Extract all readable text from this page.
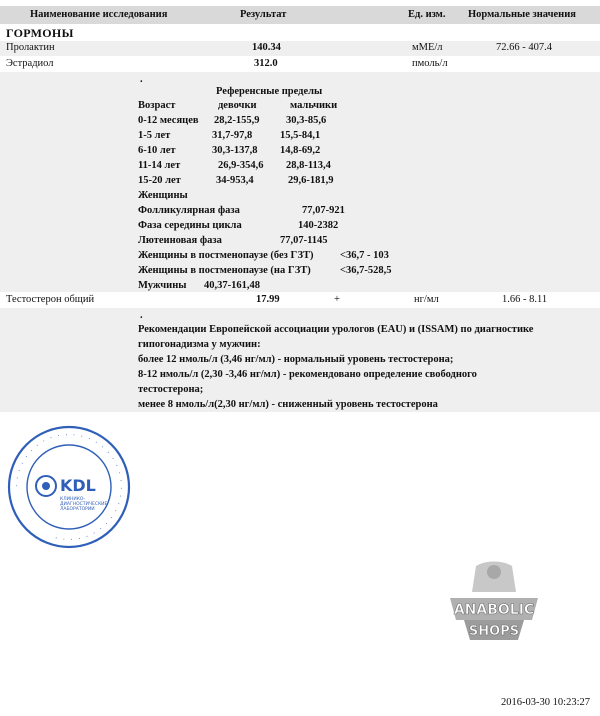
Наименование исследования	Результат	Ед. изм. Нормальные значения
ГОРМОНЫ
Пролактин	140.34	мМЕ/л	72.66 - 407.4
Эстрадиол	312.0	пмоль/л
.
Референсные пределы
Возраст	девочки	мальчики
0-12 месяцев 28,2-155,9	30,3-85,6
1-5 лет	31,7-97,8	15,5-84,1
6-10 лет	30,3-137,8 14,8-69,2
11-14 лет	26,9-354,6 28,8-113,4
15-20 лет	34-953,4	29,6-181,9
Женщины
Фолликулярная фаза	77,07-921
Фаза середины цикла	140-2382
Лютеиновая фаза	77,07-1145
Женщины в постменопаузе (без ГЗТ)	<36,7 - 103
Женщины в постменопаузе (на ГЗТ)	<36,7-528,5
Мужчины 40,37-161,48
Тестостерон общий	17.99	+	нг/мл	1.66 - 8.11
.
Рекомендации Европейской ассоциации урологов (EAU) и (ISSAM) по диагностике
гипогонадизма у мужчин:
более 12 нмоль/л (3,46 нг/мл) - нормальный уровень тестостерона;
8-12 нмоль/л (2,30 -3,46 нг/мл) - рекомендовано определение свободного
тестостерона;
менее 8 нмоль/л(2,30 нг/мл) - сниженный уровень тестостерона
· · · · · · · · · · · · · · · · · · · · · · · · · · · · · · · · · ·
KDL
КЛИНИКО-
ДИАГНОСТИЧЕСКИЕ
ЛАБОРАТОРИИ
ANABOLIC
SHOPS
2016-03-30 10:23:27
